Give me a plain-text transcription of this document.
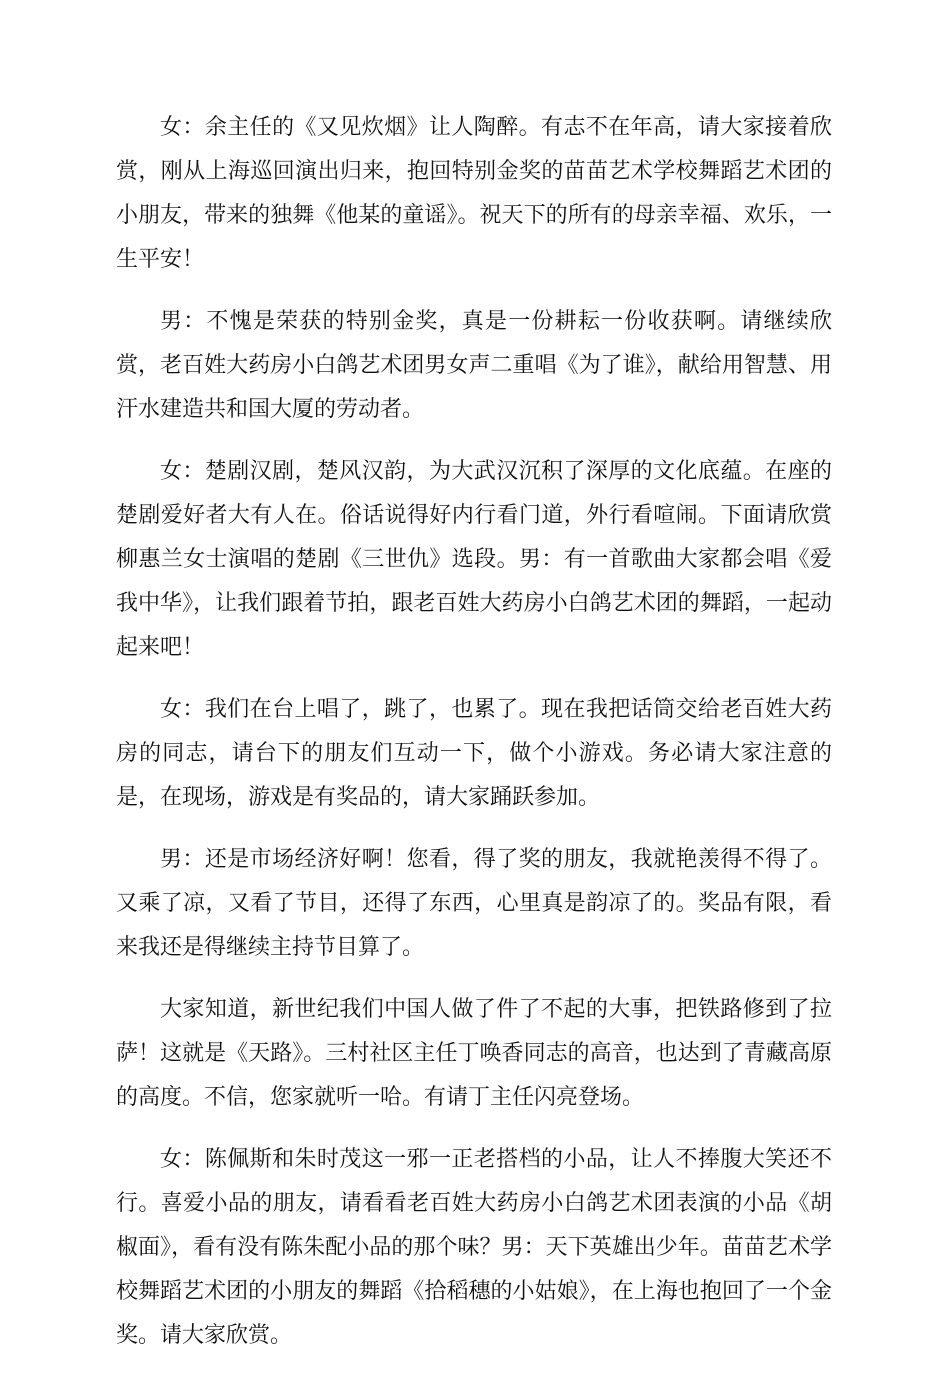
女：余主任的《又见炊烟》让人陶醉。有志不在年高，请大家接着欣赏，刚从上海巡回演出归来，抱回特别金奖的苗苗艺术学校舞蹈艺术团的小朋友，带来的独舞《他某的童谣》。祝天下的所有的母亲幸福、欢乐，一生平安！

男：不愧是荣获的特别金奖，真是一份耕耘一份收获啊。请继续欣赏，老百姓大药房小白鸽艺术团男女声二重唱《为了谁》，献给用智慧、用汗水建造共和国大厦的劳动者。

女：楚剧汉剧，楚风汉韵，为大武汉沉积了深厚的文化底蕴。在座的楚剧爱好者大有人在。俗话说得好内行看门道，外行看喧闹。下面请欣赏柳惠兰女士演唱的楚剧《三世仇》选段。男：有一首歌曲大家都会唱《爱我中华》，让我们跟着节拍，跟老百姓大药房小白鸽艺术团的舞蹈，一起动起来吧！

女：我们在台上唱了，跳了，也累了。现在我把话筒交给老百姓大药房的同志，请台下的朋友们互动一下，做个小游戏。务必请大家注意的是，在现场，游戏是有奖品的，请大家踊跃参加。

男：还是市场经济好啊！您看，得了奖的朋友，我就艳羡得不得了。又乘了凉，又看了节目，还得了东西，心里真是韵凉了的。奖品有限，看来我还是得继续主持节目算了。

大家知道，新世纪我们中国人做了件了不起的大事，把铁路修到了拉萨！这就是《天路》。三村社区主任丁唤香同志的高音，也达到了青藏高原的高度。不信，您家就听一哈。有请丁主任闪亮登场。

女：陈佩斯和朱时茂这一邪一正老搭档的小品，让人不捧腹大笑还不行。喜爱小品的朋友，请看看老百姓大药房小白鸽艺术团表演的小品《胡椒面》，看有没有陈朱配小品的那个味？男：天下英雄出少年。苗苗艺术学校舞蹈艺术团的小朋友的舞蹈《拾稻穗的小姑娘》，在上海也抱回了一个金奖。请大家欣赏。
